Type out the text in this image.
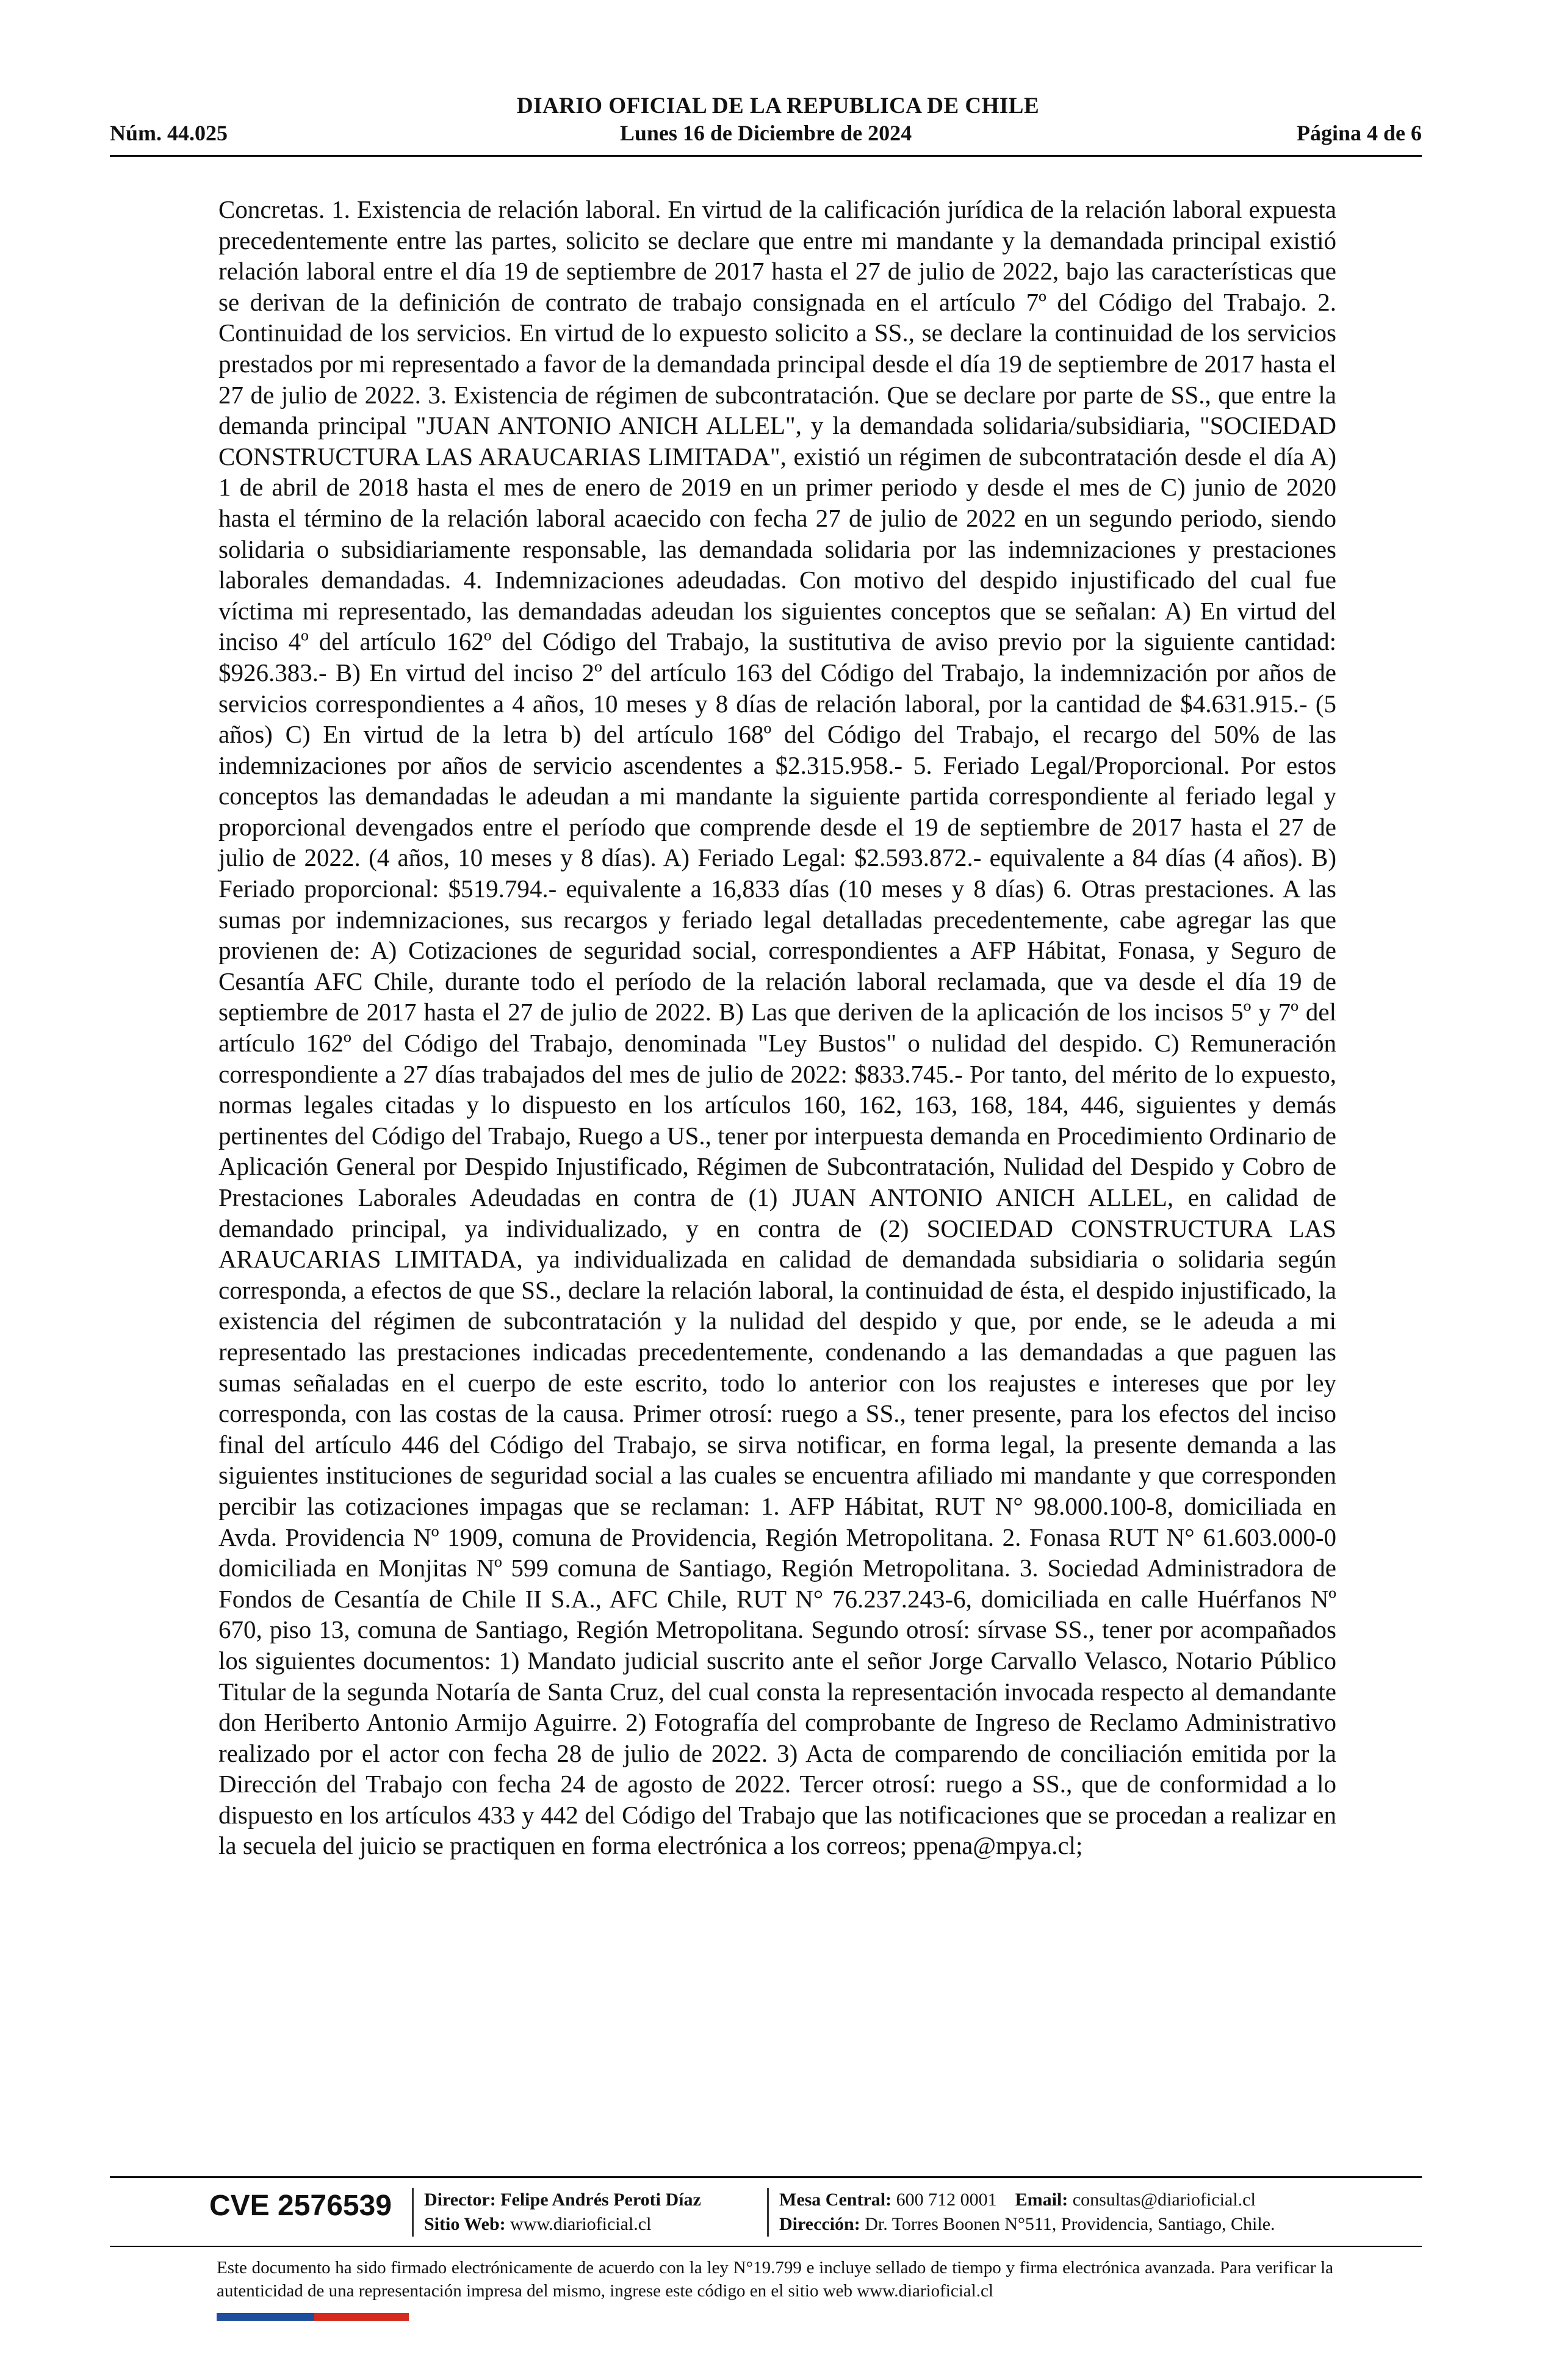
DIARIO OFICIAL DE LA REPUBLICA DE CHILE
Núm. 44.025	Lunes 16 de Diciembre de 2024	Página 4 de 6

Concretas. 1. Existencia de relación laboral. En virtud de la calificación jurídica de la relación laboral expuesta precedentemente entre las partes, solicito se declare que entre mi mandante y la demandada principal existió relación laboral entre el día 19 de septiembre de 2017 hasta el 27 de julio de 2022, bajo las características que se derivan de la definición de contrato de trabajo consignada en el artículo 7º del Código del Trabajo. 2. Continuidad de los servicios. En virtud de lo expuesto solicito a SS., se declare la continuidad de los servicios prestados por mi representado a favor de la demandada principal desde el día 19 de septiembre de 2017 hasta el 27 de julio de 2022. 3. Existencia de régimen de subcontratación. Que se declare por parte de SS., que entre la demanda principal "JUAN ANTONIO ANICH ALLEL", y la demandada solidaria/subsidiaria, "SOCIEDAD CONSTRUCTURA LAS ARAUCARIAS LIMITADA", existió un régimen de subcontratación desde el día A) 1 de abril de 2018 hasta el mes de enero de 2019 en un primer periodo y desde el mes de C) junio de 2020 hasta el término de la relación laboral acaecido con fecha 27 de julio de 2022 en un segundo periodo, siendo solidaria o subsidiariamente responsable, las demandada solidaria por las indemnizaciones y prestaciones laborales demandadas. 4. Indemnizaciones adeudadas. Con motivo del despido injustificado del cual fue víctima mi representado, las demandadas adeudan los siguientes conceptos que se señalan: A) En virtud del inciso 4º del artículo 162º del Código del Trabajo, la sustitutiva de aviso previo por la siguiente cantidad: $926.383.- B) En virtud del inciso 2º del artículo 163 del Código del Trabajo, la indemnización por años de servicios correspondientes a 4 años, 10 meses y 8 días de relación laboral, por la cantidad de $4.631.915.- (5 años) C) En virtud de la letra b) del artículo 168º del Código del Trabajo, el recargo del 50% de las indemnizaciones por años de servicio ascendentes a $2.315.958.- 5. Feriado Legal/Proporcional. Por estos conceptos las demandadas le adeudan a mi mandante la siguiente partida correspondiente al feriado legal y proporcional devengados entre el período que comprende desde el 19 de septiembre de 2017 hasta el 27 de julio de 2022. (4 años, 10 meses y 8 días). A) Feriado Legal: $2.593.872.- equivalente a 84 días (4 años). B) Feriado proporcional: $519.794.- equivalente a 16,833 días (10 meses y 8 días) 6. Otras prestaciones. A las sumas por indemnizaciones, sus recargos y feriado legal detalladas precedentemente, cabe agregar las que provienen de: A) Cotizaciones de seguridad social, correspondientes a AFP Hábitat, Fonasa, y Seguro de Cesantía AFC Chile, durante todo el período de la relación laboral reclamada, que va desde el día 19 de septiembre de 2017 hasta el 27 de julio de 2022. B) Las que deriven de la aplicación de los incisos 5º y 7º del artículo 162º del Código del Trabajo, denominada "Ley Bustos" o nulidad del despido. C) Remuneración correspondiente a 27 días trabajados del mes de julio de 2022: $833.745.- Por tanto, del mérito de lo expuesto, normas legales citadas y lo dispuesto en los artículos 160, 162, 163, 168, 184, 446, siguientes y demás pertinentes del Código del Trabajo, Ruego a US., tener por interpuesta demanda en Procedimiento Ordinario de Aplicación General por Despido Injustificado, Régimen de Subcontratación, Nulidad del Despido y Cobro de Prestaciones Laborales Adeudadas en contra de (1) JUAN ANTONIO ANICH ALLEL, en calidad de demandado principal, ya individualizado, y en contra de (2) SOCIEDAD CONSTRUCTURA LAS ARAUCARIAS LIMITADA, ya individualizada en calidad de demandada subsidiaria o solidaria según corresponda, a efectos de que SS., declare la relación laboral, la continuidad de ésta, el despido injustificado, la existencia del régimen de subcontratación y la nulidad del despido y que, por ende, se le adeuda a mi representado las prestaciones indicadas precedentemente, condenando a las demandadas a que paguen las sumas señaladas en el cuerpo de este escrito, todo lo anterior con los reajustes e intereses que por ley corresponda, con las costas de la causa. Primer otrosí: ruego a SS., tener presente, para los efectos del inciso final del artículo 446 del Código del Trabajo, se sirva notificar, en forma legal, la presente demanda a las siguientes instituciones de seguridad social a las cuales se encuentra afiliado mi mandante y que corresponden percibir las cotizaciones impagas que se reclaman: 1. AFP Hábitat, RUT N° 98.000.100-8, domiciliada en Avda. Providencia Nº 1909, comuna de Providencia, Región Metropolitana. 2. Fonasa RUT N° 61.603.000-0 domiciliada en Monjitas Nº 599 comuna de Santiago, Región Metropolitana. 3. Sociedad Administradora de Fondos de Cesantía de Chile II S.A., AFC Chile, RUT N° 76.237.243-6, domiciliada en calle Huérfanos Nº 670, piso 13, comuna de Santiago, Región Metropolitana. Segundo otrosí: sírvase SS., tener por acompañados los siguientes documentos: 1) Mandato judicial suscrito ante el señor Jorge Carvallo Velasco, Notario Público Titular de la segunda Notaría de Santa Cruz, del cual consta la representación invocada respecto al demandante don Heriberto Antonio Armijo Aguirre. 2) Fotografía del comprobante de Ingreso de Reclamo Administrativo realizado por el actor con fecha 28 de julio de 2022. 3) Acta de comparendo de conciliación emitida por la Dirección del Trabajo con fecha 24 de agosto de 2022. Tercer otrosí: ruego a SS., que de conformidad a lo dispuesto en los artículos 433 y 442 del Código del Trabajo que las notificaciones que se procedan a realizar en la secuela del juicio se practiquen en forma electrónica a los correos; ppena@mpya.cl;

CVE 2576539 Director: Felipe Andrés Peroti Díaz
Sitio Web: www.diarioficial.cl
Mesa Central: 600 712 0001 Email: consultas@diarioficial.cl
Dirección: Dr. Torres Boonen N°511, Providencia, Santiago, Chile.

Este documento ha sido firmado electrónicamente de acuerdo con la ley N°19.799 e incluye sellado de tiempo y firma electrónica avanzada. Para verificar la autenticidad de una representación impresa del mismo, ingrese este código en el sitio web www.diarioficial.cl
